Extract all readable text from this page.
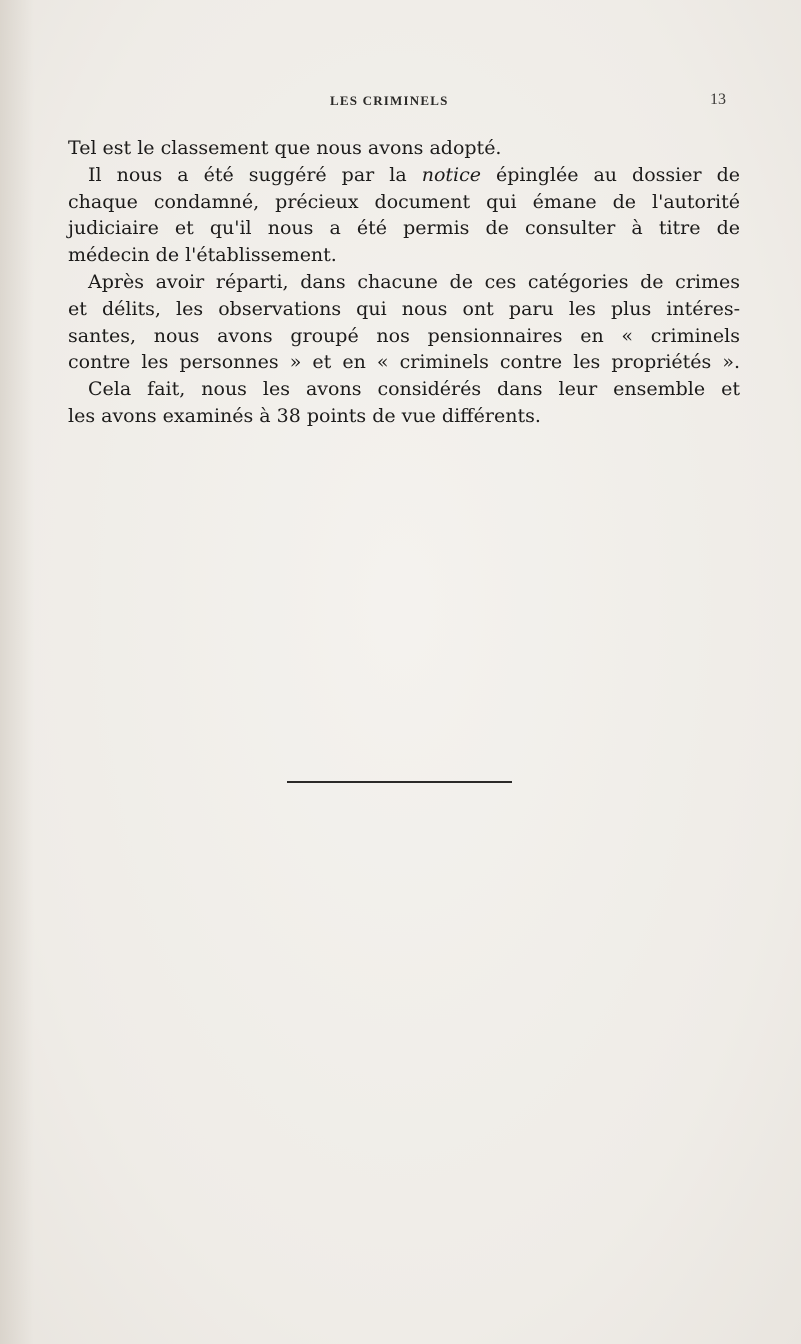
LES CRIMINELS	13
Tel est le classement que nous avons adopté.
Il nous a été suggéré par la notice épinglée au dossier de
chaque condamné, précieux document qui émane de l'autorité
judiciaire et qu'il nous a été permis de consulter à titre de
médecin de l'établissement.
Après avoir réparti, dans chacune de ces catégories de crimes
et délits, les observations qui nous ont paru les plus intéres-
santes, nous avons groupé nos pensionnaires en « criminels
contre les personnes » et en « criminels contre les propriétés ».
Cela fait, nous les avons considérés dans leur ensemble et
les avons examinés à 38 points de vue différents.
